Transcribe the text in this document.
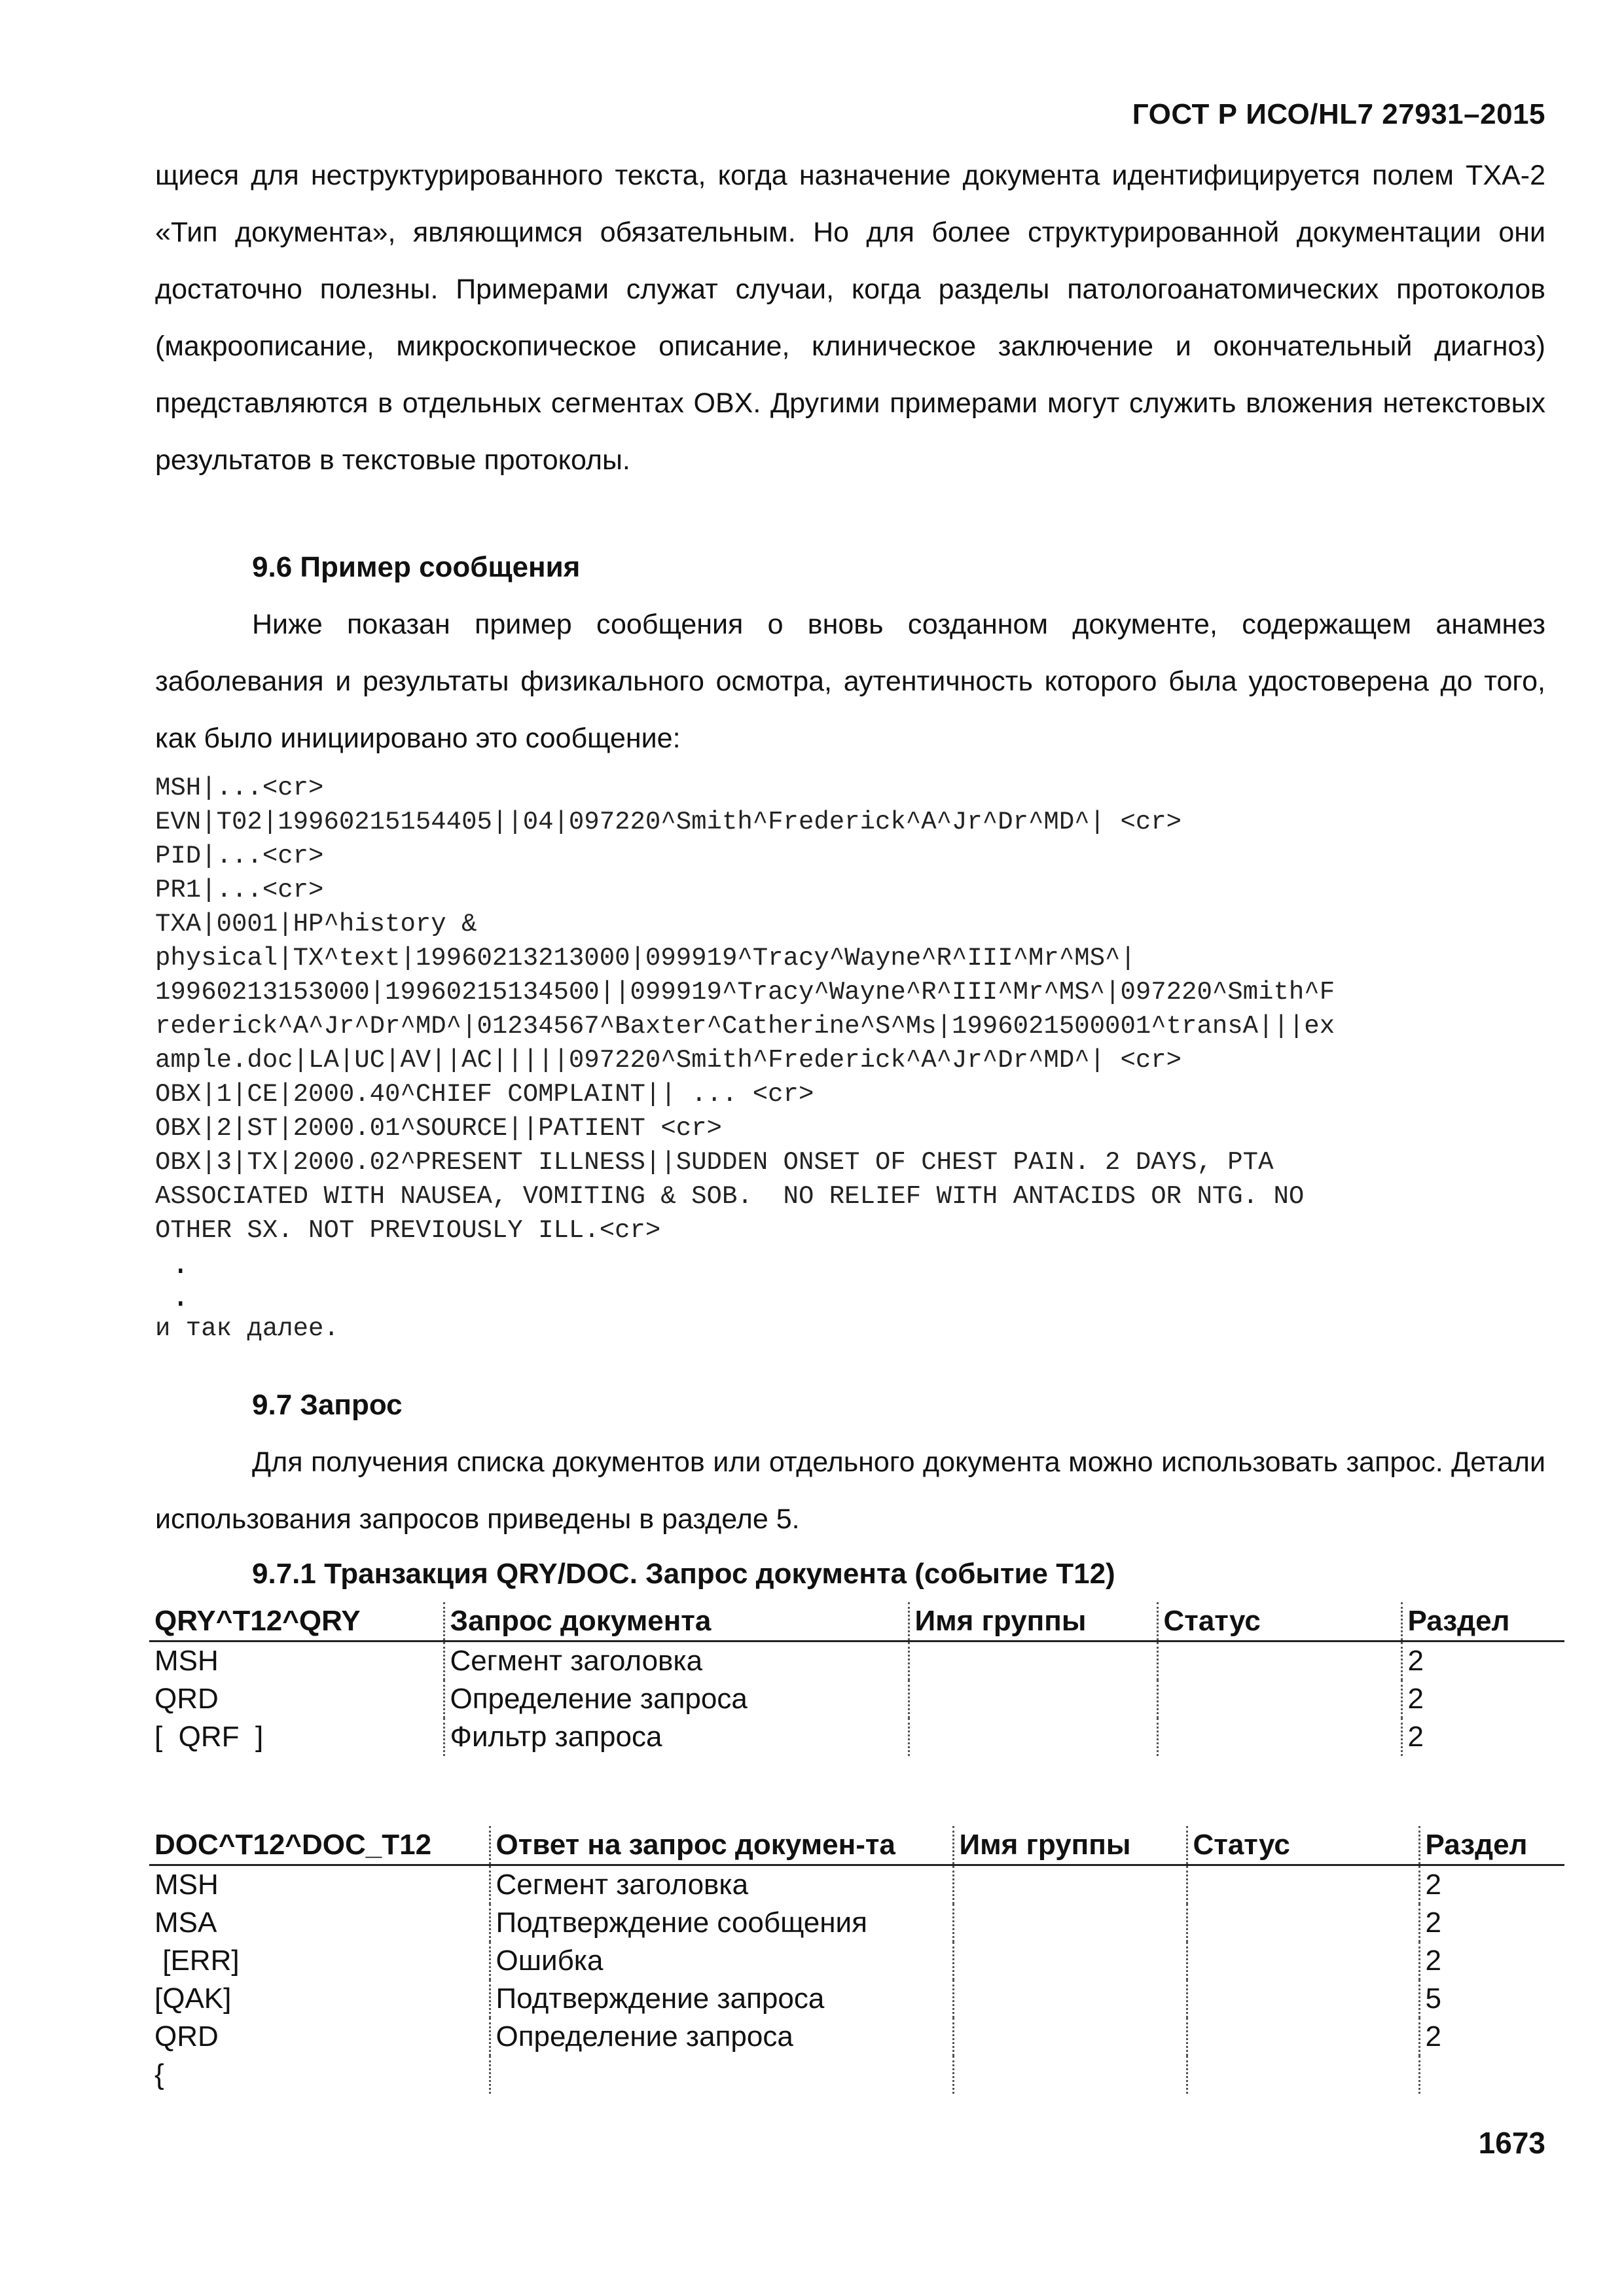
ГОСТ Р ИСО/HL7 27931–2015
щиеся для неструктурированного текста, когда назначение документа идентифицируется полем TXA-2 «Тип документа», являющимся обязательным. Но для более структурированной документации они достаточно полезны. Примерами служат случаи, когда разделы патологоанатомических протоколов (макроописание, микроскопическое описание, клиническое заключение и окончательный диагноз) представляются в отдельных сегментах OBX. Другими примерами могут служить вложения нетекстовых результатов в текстовые протоколы.
9.6 Пример сообщения
Ниже показан пример сообщения о вновь созданном документе, содержащем анамнез заболевания и результаты физикального осмотра, аутентичность которого была удостоверена до того, как было инициировано это сообщение:
MSH|...<cr>
EVN|T02|19960215154405||04|097220^Smith^Frederick^A^Jr^Dr^MD^| <cr>
PID|...<cr>
PR1|...<cr>
TXA|0001|HP^history &
physical|TX^text|19960213213000|099919^Tracy^Wayne^R^III^Mr^MS^|
19960213153000|19960215134500||099919^Tracy^Wayne^R^III^Mr^MS^|097220^Smith^F
rederick^A^Jr^Dr^MD^|01234567^Baxter^Catherine^S^Ms|1996021500001^transA|||ex
ample.doc|LA|UC|AV||AC|||||097220^Smith^Frederick^A^Jr^Dr^MD^| <cr>
OBX|1|CE|2000.40^CHIEF COMPLAINT|| ... <cr>
OBX|2|ST|2000.01^SOURCE||PATIENT <cr>
OBX|3|TX|2000.02^PRESENT ILLNESS||SUDDEN ONSET OF CHEST PAIN. 2 DAYS, PTA
ASSOCIATED WITH NAUSEA, VOMITING & SOB.  NO RELIEF WITH ANTACIDS OR NTG. NO
OTHER SX. NOT PREVIOUSLY ILL.<cr>
.
.
и так далее.
9.7 Запрос
Для получения списка документов или отдельного документа можно использовать запрос. Детали использования запросов приведены в разделе 5.
9.7.1 Транзакция QRY/DOC. Запрос документа (событие T12)
QRY^T12^QRY	Запрос документа	Имя группы	Статус	Раздел
MSH	Сегмент заголовка			2
QRD	Определение запроса			2
[  QRF  ]	Фильтр запроса			2
DOC^T12^DOC_T12	Ответ на запрос докумен-та	Имя группы	Статус	Раздел
MSH	Сегмент заголовка			2
MSA	Подтверждение сообщения			2
[ERR]	Ошибка			2
[QAK]	Подтверждение запроса			5
QRD	Определение запроса			2
{				
1673
